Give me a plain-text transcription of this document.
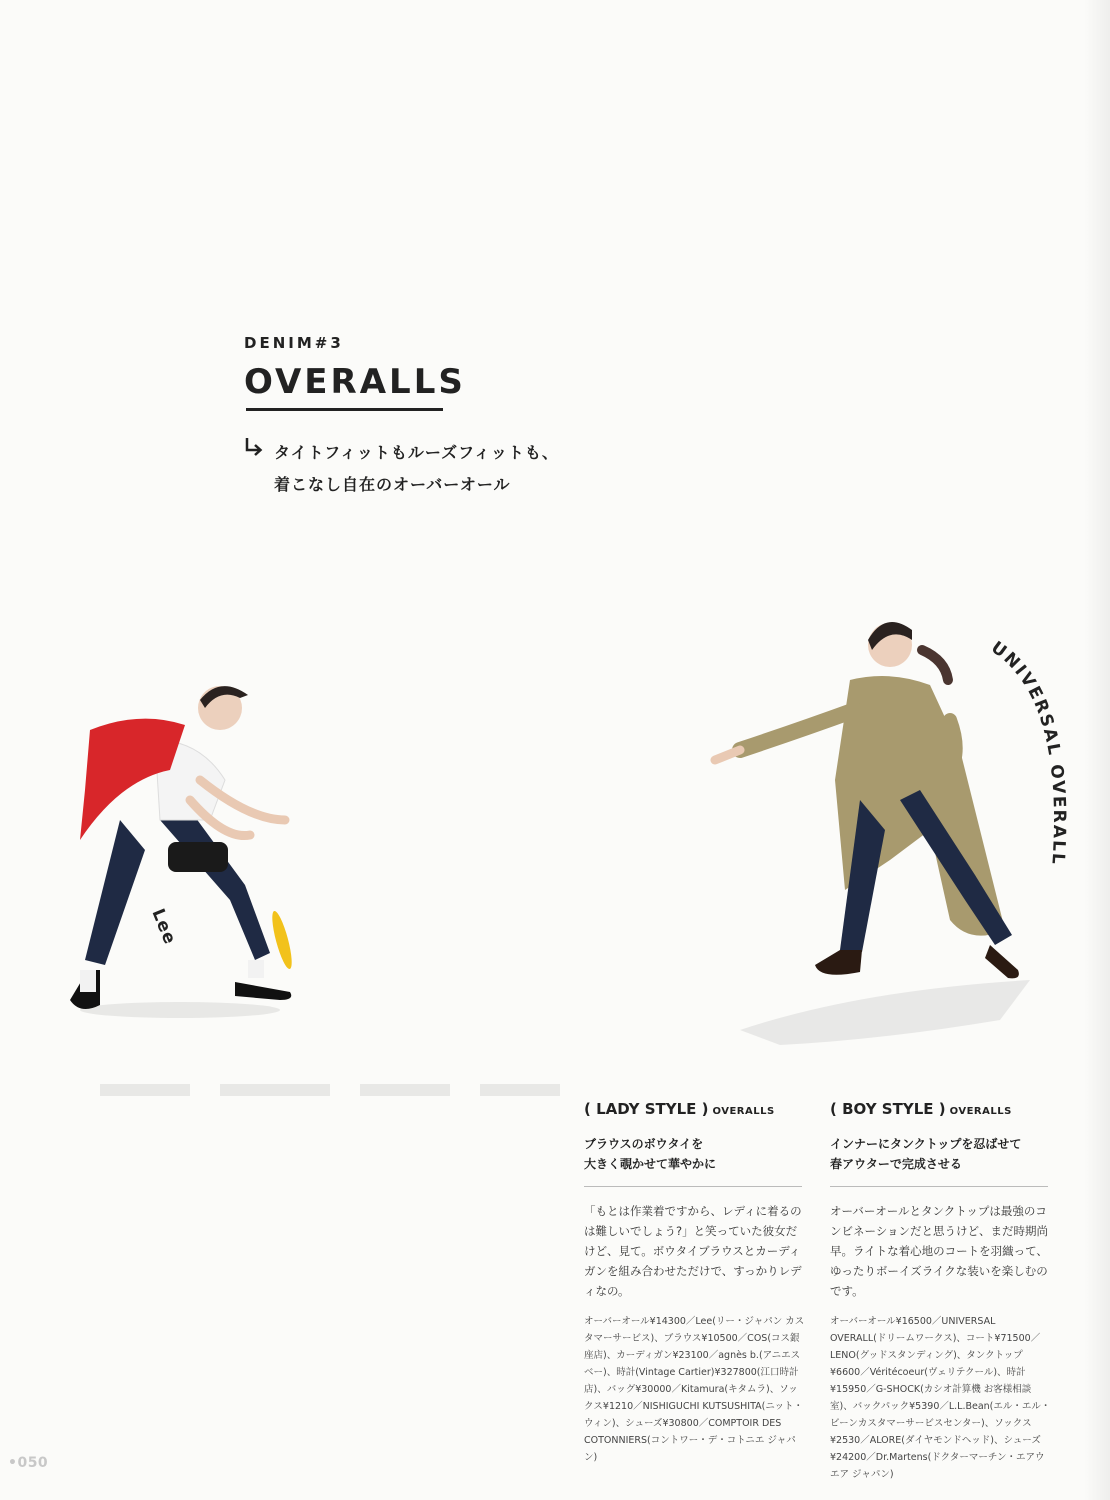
DENIM#3
OVERALLS
タイトフィットもルーズフィットも、
着こなし自在のオーバーオール
Lee
UNIVERSAL OVERALL
( LADY STYLE ) OVERALLS
ブラウスのボウタイを
大きく覗かせて華やかに
「もとは作業着ですから、レディに着るのは難しいでしょう?」と笑っていた彼女だけど、見て。ボウタイブラウスとカーディガンを組み合わせただけで、すっかりレディなの。
オーバーオール¥14300／Lee(リー・ジャパン カスタマーサービス)、ブラウス¥10500／COS(コス銀座店)、カーディガン¥23100／agnès b.(アニエスベー)、時計(Vintage Cartier)¥327800(江口時計店)、バッグ¥30000／Kitamura(キタムラ)、ソックス¥1210／NISHIGUCHI KUTSUSHITA(ニット・ウィン)、シューズ¥30800／COMPTOIR DES COTONNIERS(コントワー・デ・コトニエ ジャパン)
( BOY STYLE ) OVERALLS
インナーにタンクトップを忍ばせて
春アウターで完成させる
オーバーオールとタンクトップは最強のコンビネーションだと思うけど、まだ時期尚早。ライトな着心地のコートを羽織って、ゆったりボーイズライクな装いを楽しむのです。
オーバーオール¥16500／UNIVERSAL OVERALL(ドリームワークス)、コート¥71500／LENO(グッドスタンディング)、タンクトップ¥6600／Véritécoeur(ヴェリテクール)、時計¥15950／G-SHOCK(カシオ計算機 お客様相談室)、バックパック¥5390／L.L.Bean(エル・エル・ビーンカスタマーサービスセンター)、ソックス¥2530／ALORE(ダイヤモンドヘッド)、シューズ¥24200／Dr.Martens(ドクターマーチン・エアウエア ジャパン)
•050
